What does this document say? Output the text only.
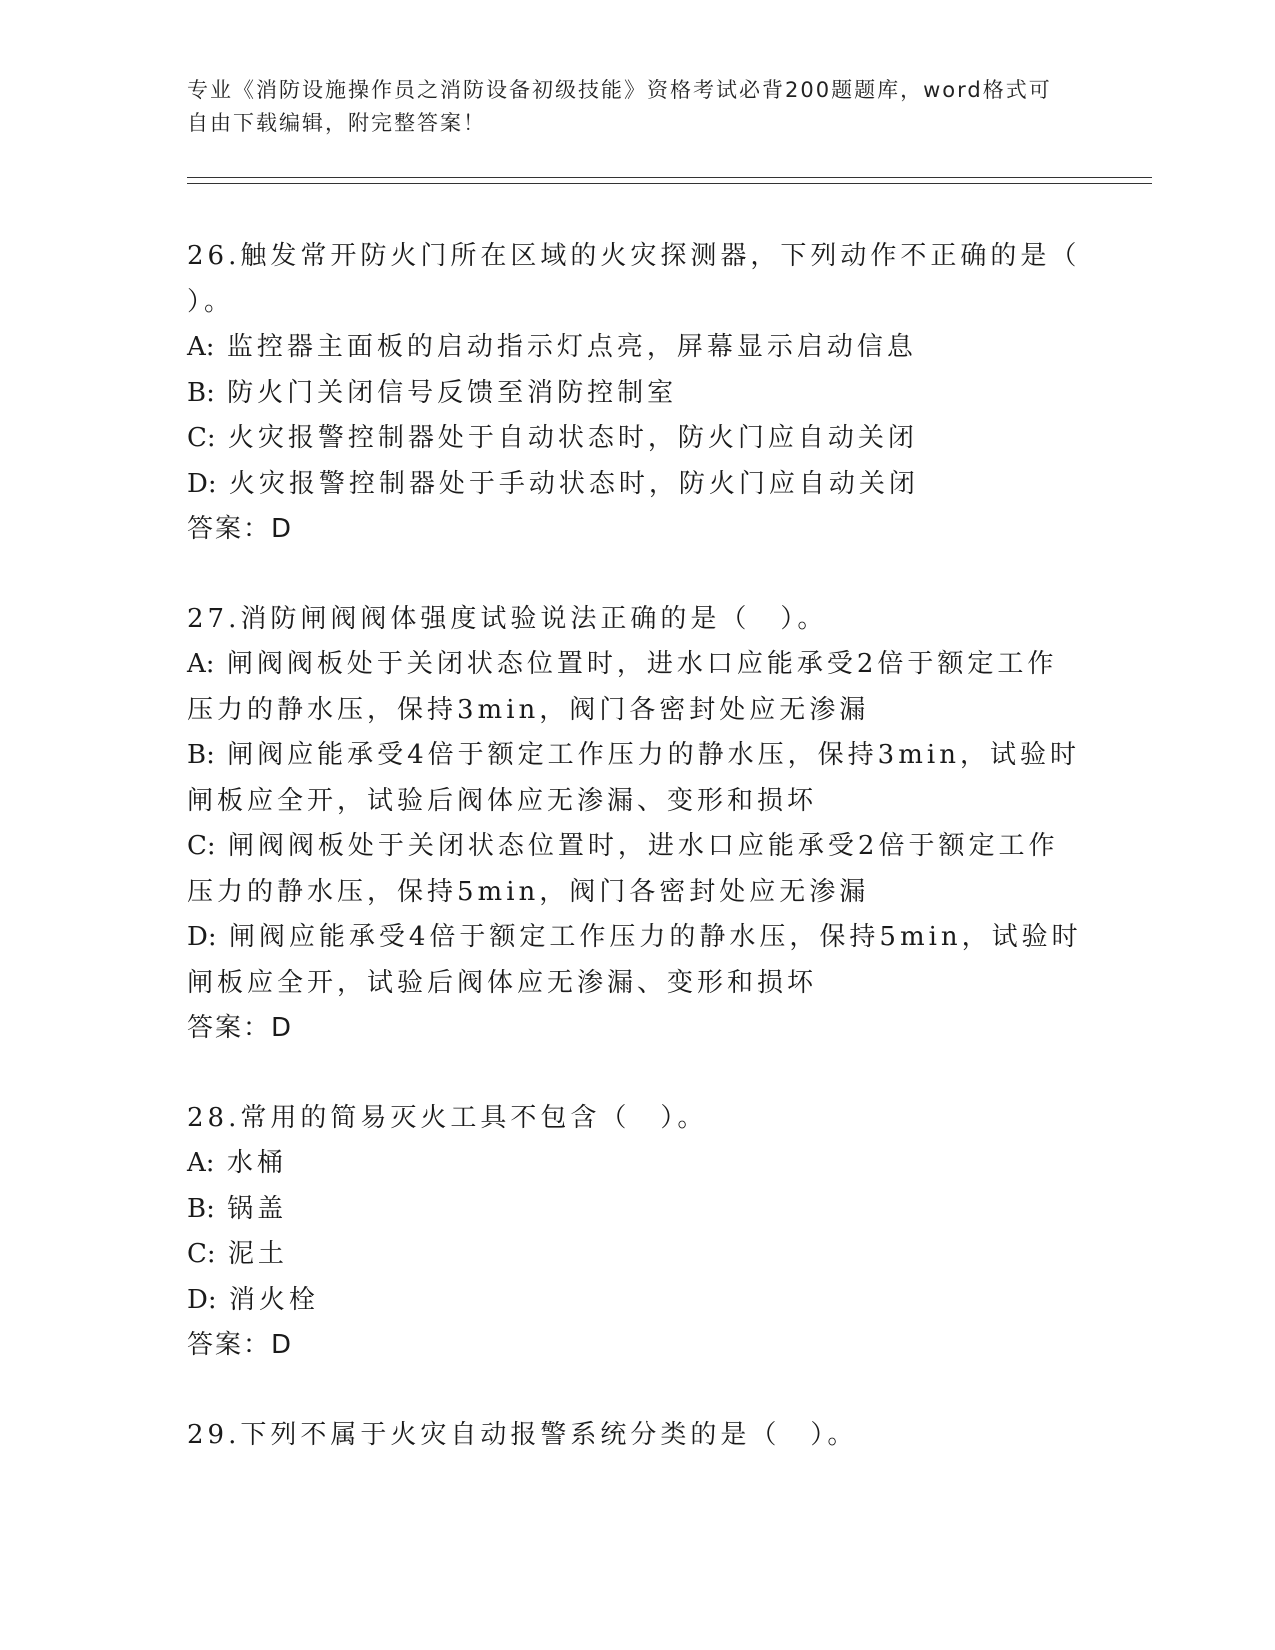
专业《消防设施操作员之消防设备初级技能》资格考试必背200题题库，word格式可自由下载编辑，附完整答案！
26.触发常开防火门所在区域的火灾探测器，下列动作不正确的是（　　）。
A: 监控器主面板的启动指示灯点亮，屏幕显示启动信息
B: 防火门关闭信号反馈至消防控制室
C: 火灾报警控制器处于自动状态时，防火门应自动关闭
D: 火灾报警控制器处于手动状态时，防火门应自动关闭
答案：D
27.消防闸阀阀体强度试验说法正确的是（　）。
A: 闸阀阀板处于关闭状态位置时，进水口应能承受2倍于额定工作压力的静水压，保持3min，阀门各密封处应无渗漏
B: 闸阀应能承受4倍于额定工作压力的静水压，保持3min，试验时闸板应全开，试验后阀体应无渗漏、变形和损坏
C: 闸阀阀板处于关闭状态位置时，进水口应能承受2倍于额定工作压力的静水压，保持5min，阀门各密封处应无渗漏
D: 闸阀应能承受4倍于额定工作压力的静水压，保持5min，试验时闸板应全开，试验后阀体应无渗漏、变形和损坏
答案：D
28.常用的简易灭火工具不包含（　）。
A: 水桶
B: 锅盖
C: 泥土
D: 消火栓
答案：D
29.下列不属于火灾自动报警系统分类的是（　）。
